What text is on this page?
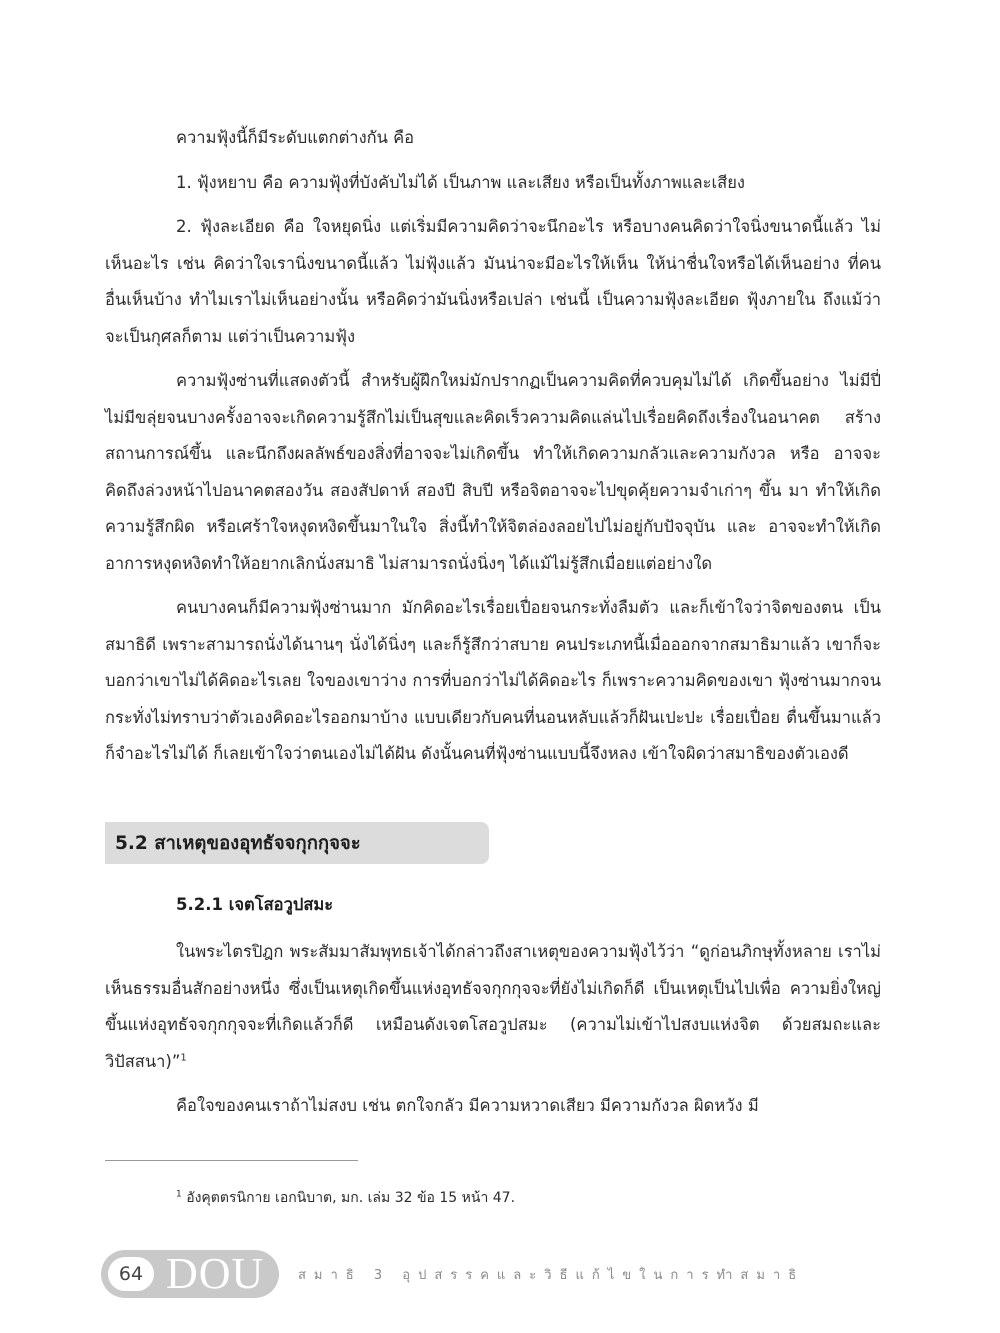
ความฟุ้งนี้ก็มีระดับแตกต่างกัน คือ

1. ฟุ้งหยาบ คือ ความฟุ้งที่บังคับไม่ได้ เป็นภาพ และเสียง หรือเป็นทั้งภาพและเสียง

2. ฟุ้งละเอียด คือ ใจหยุดนิ่ง แต่เริ่มมีความคิดว่าจะนึกอะไร หรือบางคนคิดว่าใจนิ่งขนาดนี้แล้ว ไม่เห็นอะไร เช่น คิดว่าใจเรานิ่งขนาดนี้แล้ว ไม่ฟุ้งแล้ว มันน่าจะมีอะไรให้เห็น ให้น่าชื่นใจหรือได้เห็นอย่าง ที่คนอื่นเห็นบ้าง ทำไมเราไม่เห็นอย่างนั้น หรือคิดว่ามันนิ่งหรือเปล่า เช่นนี้ เป็นความฟุ้งละเอียด ฟุ้งภายใน ถึงแม้ว่าจะเป็นกุศลก็ตาม แต่ว่าเป็นความฟุ้ง

ความฟุ้งซ่านที่แสดงตัวนี้ สำหรับผู้ฝึกใหม่มักปรากฏเป็นความคิดที่ควบคุมไม่ได้ เกิดขึ้นอย่าง ไม่มีปี่ไม่มีขลุ่ยจนบางครั้งอาจจะเกิดความรู้สึกไม่เป็นสุขและคิดเร็วความคิดแล่นไปเรื่อยคิดถึงเรื่องในอนาคต สร้างสถานการณ์ขึ้น และนึกถึงผลลัพธ์ของสิ่งที่อาจจะไม่เกิดขึ้น ทำให้เกิดความกลัวและความกังวล หรือ อาจจะคิดถึงล่วงหน้าไปอนาคตสองวัน สองสัปดาห์ สองปี สิบปี หรือจิตอาจจะไปขุดคุ้ยความจำเก่าๆ ขึ้น มา ทำให้เกิดความรู้สึกผิด หรือเศร้าใจหงุดหงิดขึ้นมาในใจ สิ่งนี้ทำให้จิตล่องลอยไปไม่อยู่กับปัจจุบัน และ อาจจะทำให้เกิดอาการหงุดหงิดทำให้อยากเลิกนั่งสมาธิ ไม่สามารถนั่งนิ่งๆ ได้แม้ไม่รู้สึกเมื่อยแต่อย่างใด

คนบางคนก็มีความฟุ้งซ่านมาก มักคิดอะไรเรื่อยเปื่อยจนกระทั่งลืมตัว และก็เข้าใจว่าจิตของตน เป็นสมาธิดี เพราะสามารถนั่งได้นานๆ นั่งได้นิ่งๆ และก็รู้สึกว่าสบาย คนประเภทนี้เมื่อออกจากสมาธิมาแล้ว เขาก็จะบอกว่าเขาไม่ได้คิดอะไรเลย ใจของเขาว่าง การที่บอกว่าไม่ได้คิดอะไร ก็เพราะความคิดของเขา ฟุ้งซ่านมากจนกระทั่งไม่ทราบว่าตัวเองคิดอะไรออกมาบ้าง แบบเดียวกับคนที่นอนหลับแล้วก็ฝันเปะปะ เรื่อยเปื่อย ตื่นขึ้นมาแล้วก็จำอะไรไม่ได้ ก็เลยเข้าใจว่าตนเองไม่ได้ฝัน ดังนั้นคนที่ฟุ้งซ่านแบบนี้จึงหลง เข้าใจผิดว่าสมาธิของตัวเองดี

5.2 สาเหตุของอุทธัจจกุกกุจจะ
5.2.1 เจตโสอวูปสมะ

ในพระไตรปิฎก พระสัมมาสัมพุทธเจ้าได้กล่าวถึงสาเหตุของความฟุ้งไว้ว่า “ดูก่อนภิกษุทั้งหลาย เราไม่เห็นธรรมอื่นสักอย่างหนึ่ง ซึ่งเป็นเหตุเกิดขึ้นแห่งอุทธัจจกุกกุจจะที่ยังไม่เกิดก็ดี เป็นเหตุเป็นไปเพื่อ ความยิ่งใหญ่ขึ้นแห่งอุทธัจจกุกกุจจะที่เกิดแล้วก็ดี เหมือนดังเจตโสอวูปสมะ (ความไม่เข้าไปสงบแห่งจิต ด้วยสมถะและวิปัสสนา)”$^1$

คือใจของคนเราถ้าไม่สงบ เช่น ตกใจกลัว มีความหวาดเสียว มีความกังวล ผิดหวัง มี

$^1$ อังคุตตรนิกาย เอกนิบาต, มก. เล่ม 32 ข้อ 15 หน้า 47.
64 DOU	สมาธิ 3 อุปสรรคและวิธีแก้ไขในการทำสมาธิ
